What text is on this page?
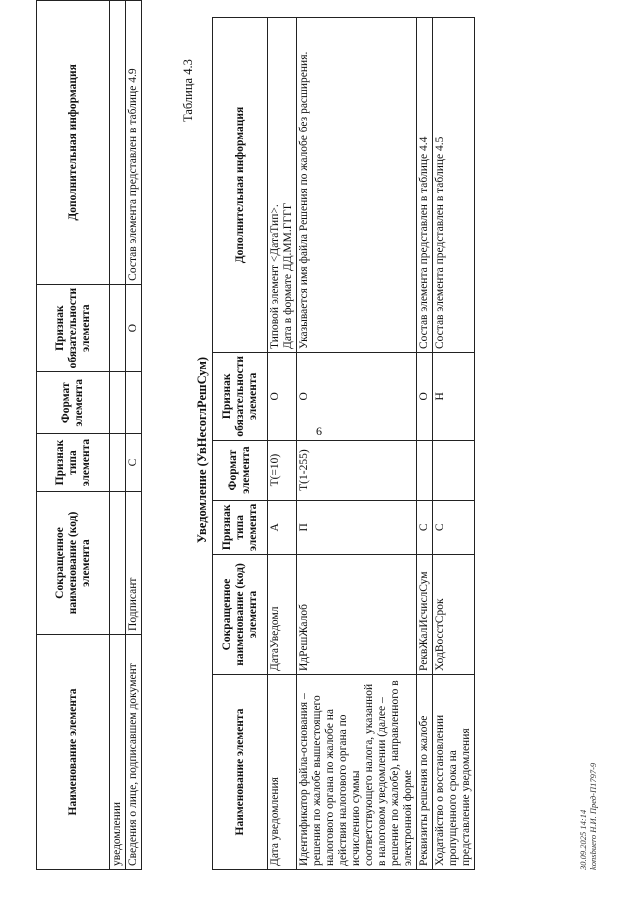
6
Наименование элемента	Сокращенное наименование (код) элемента	Признак типа элемента	Формат элемента	Признак обязательности элемента	Дополнительная информация
уведомлении					
Сведения о лице, подписавшем документ	Подписант	С		О	Состав элемента представлен в таблице 4.9	Таблица 4.3
Уведомление (УвНесоглРешСум)
Наименование элемента	Сокращенное наименование (код) элемента	Признак типа элемента	Формат элемента	Признак обязательности элемента	Дополнительная информация
Дата уведомления	ДатаУведомл	А	T(=10)	О	Типовой элемент <ДатаТип>.
Дата в формате ДД.ММ.ГГГГ
Идентификатор файла-основания – решения по жалобе вышестоящего налогового органа по жалобе на действия налогового органа по исчислению суммы соответствующего налога, указанной в налоговом уведомлении (далее – решение по жалобе), направленного в электронной форме	ИдРешЖалоб	П	T(1-255)	О	Указывается имя файла Решения по жалобе без расширения.
Реквизиты решения по жалобе	РеквЖалИсчислСум	С		О	Состав элемента представлен в таблице 4.4
Ходатайство о восстановлении пропущенного срока на представление уведомления	ХодВосстСрок	С		Н	Состав элемента представлен в таблице 4.5
30.09.2025 14:14 konsbuero Н.И. Пред-П1797-9
